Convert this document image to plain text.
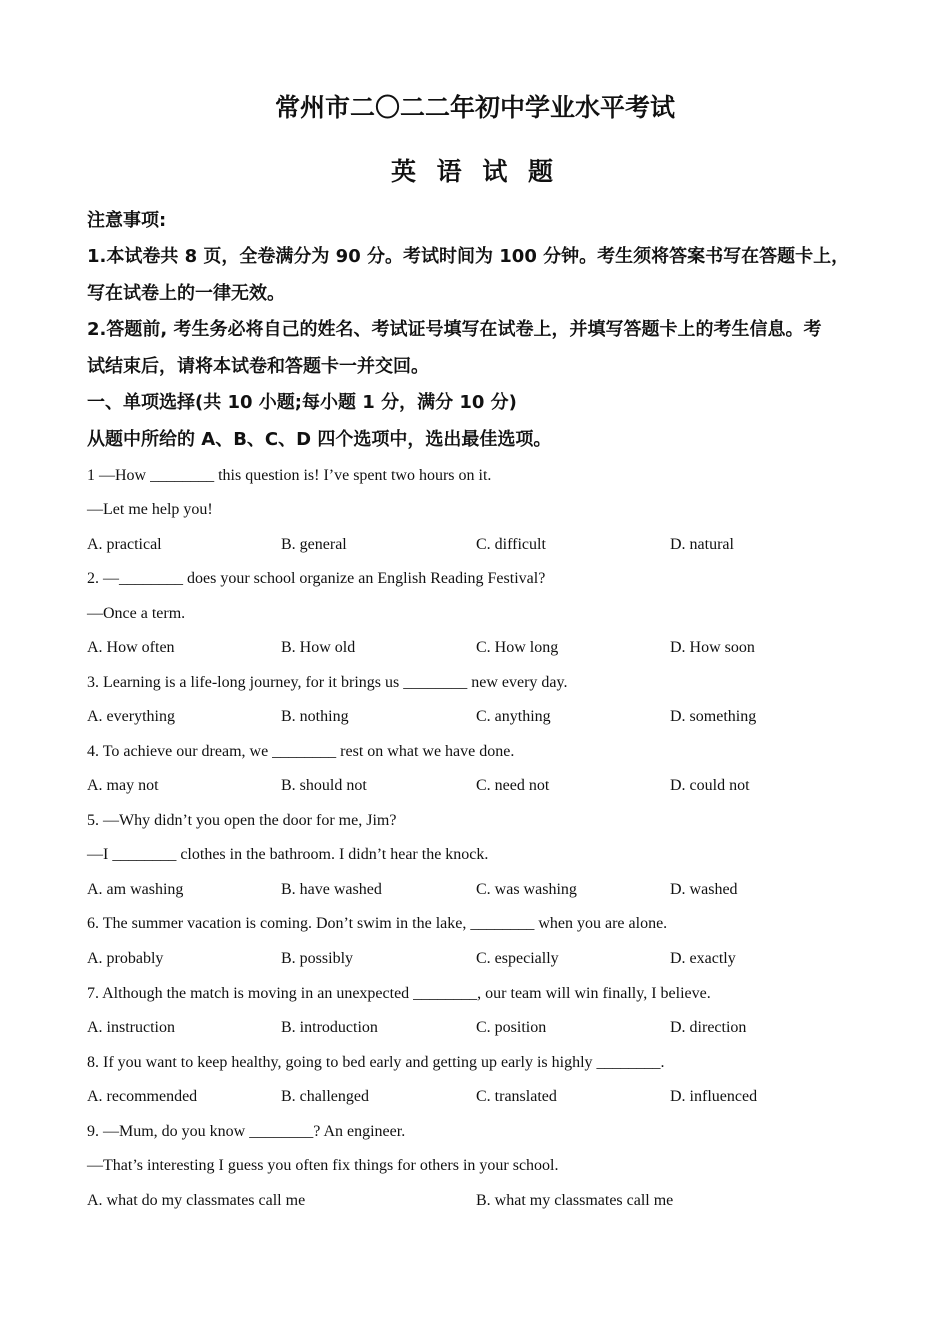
常州市二〇二二年初中学业水平考试
英 语 试 题
注意事项:
1.本试卷共 8 页，全卷满分为 90 分。考试时间为 100 分钟。考生须将答案书写在答题卡上，
写在试卷上的一律无效。
2.答题前, 考生务必将自己的姓名、考试证号填写在试卷上，并填写答题卡上的考生信息。考
试结束后，请将本试卷和答题卡一并交回。
一、单项选择(共 10 小题;每小题 1 分，满分 10 分)
从题中所给的 A、B、C、D 四个选项中，选出最佳选项。
1 —How ________ this question is! I’ve spent two hours on it.
—Let me help you!
A. practical	B. general	C. difficult	D. natural
2. —________ does your school organize an English Reading Festival?
—Once a term.
A. How often	B. How old	C. How long	D. How soon
3. Learning is a life-long journey, for it brings us ________ new every day.
A. everything	B. nothing	C. anything	D. something
4. To achieve our dream, we ________ rest on what we have done.
A. may not	B. should not	C. need not	D. could not
5. —Why didn’t you open the door for me, Jim?
—I ________ clothes in the bathroom. I didn’t hear the knock.
A. am washing	B. have washed	C. was washing	D. washed
6. The summer vacation is coming. Don’t swim in the lake, ________ when you are alone.
A. probably	B. possibly	C. especially	D. exactly
7. Although the match is moving in an unexpected ________, our team will win finally, I believe.
A. instruction	B. introduction	C. position	D. direction
8. If you want to keep healthy, going to bed early and getting up early is highly ________.
A. recommended	B. challenged	C. translated	D. influenced
9. —Mum, do you know ________? An engineer.
—That’s interesting I guess you often fix things for others in your school.
A. what do my classmates call me	B. what my classmates call me
